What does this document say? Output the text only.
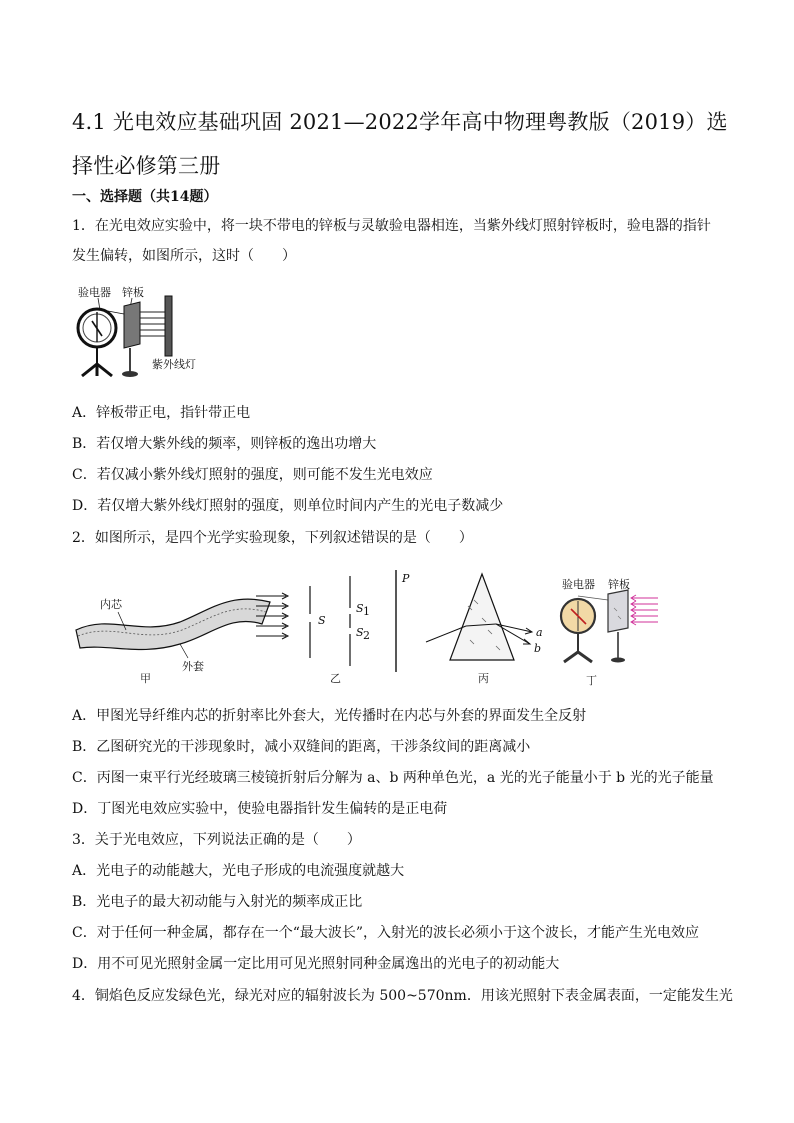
4.1 光电效应基础巩固 2021—2022学年高中物理粤教版（2019）选择性必修第三册
一、选择题（共14题）
1．在光电效应实验中，将一块不带电的锌板与灵敏验电器相连，当紫外线灯照射锌板时，验电器的指针
发生偏转，如图所示，这时（　　）
验电器 锌板
紫外线灯
A．锌板带正电，指针带正电
B．若仅增大紫外线的频率，则锌板的逸出功增大
C．若仅减小紫外线灯照射的强度，则可能不发生光电效应
D．若仅增大紫外线灯照射的强度，则单位时间内产生的光电子数减少
2．如图所示，是四个光学实验现象，下列叙述错误的是（　　）
内芯
外套
甲
S
S 1
S 2
P
乙
a
b
丙
验电器 锌板
丁
A．甲图光导纤维内芯的折射率比外套大，光传播时在内芯与外套的界面发生全反射
B．乙图研究光的干涉现象时，减小双缝间的距离，干涉条纹间的距离减小
C．丙图一束平行光经玻璃三棱镜折射后分解为 a、b 两种单色光，a 光的光子能量小于 b 光的光子能量
D．丁图光电效应实验中，使验电器指针发生偏转的是正电荷
3．关于光电效应，下列说法正确的是（　　）
A．光电子的动能越大，光电子形成的电流强度就越大
B．光电子的最大初动能与入射光的频率成正比
C．对于任何一种金属，都存在一个“最大波长”，入射光的波长必须小于这个波长，才能产生光电效应
D．用不可见光照射金属一定比用可见光照射同种金属逸出的光电子的初动能大
4．铜焰色反应发绿色光，绿光对应的辐射波长为 500~570nm．用该光照射下表金属表面，一定能发生光
